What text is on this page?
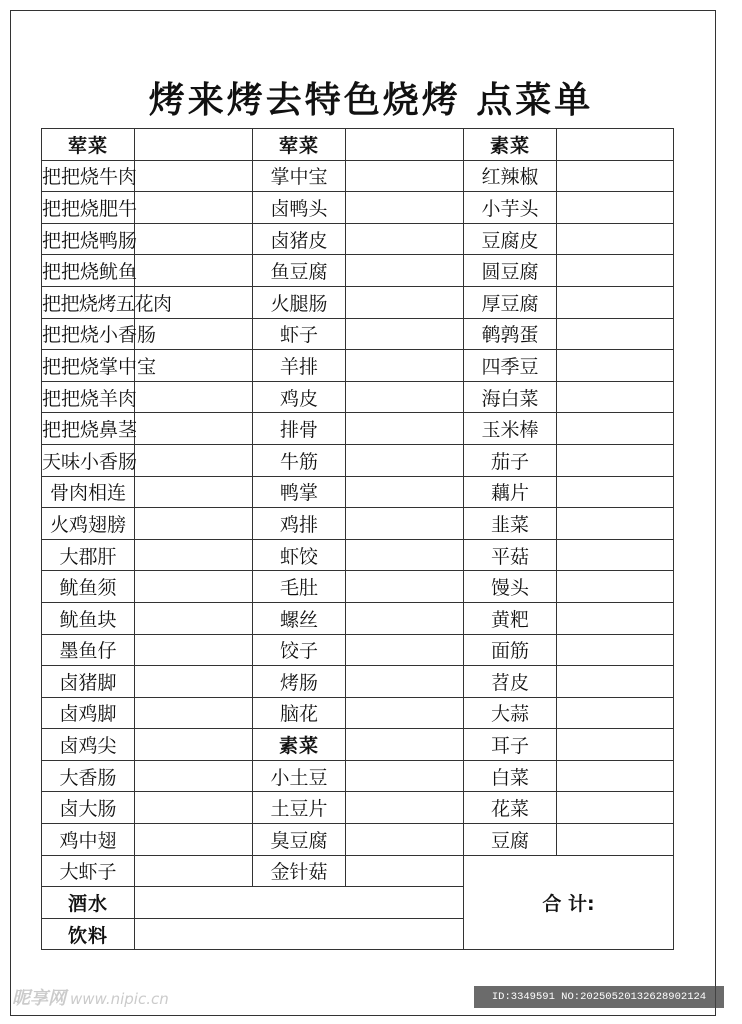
烤来烤去特色烧烤 点菜单
荤菜		荤菜		素菜	
把把烧牛肉		掌中宝		红辣椒	
把把烧肥牛		卤鸭头		小芋头	
把把烧鸭肠		卤猪皮		豆腐皮	
把把烧鱿鱼		鱼豆腐		圆豆腐	
把把烧烤五花肉		火腿肠		厚豆腐	
把把烧小香肠		虾子		鹌鹑蛋	
把把烧掌中宝		羊排		四季豆	
把把烧羊肉		鸡皮		海白菜	
把把烧鼻茎		排骨		玉米棒	
天味小香肠		牛筋		茄子	
骨肉相连		鸭掌		藕片	
火鸡翅膀		鸡排		韭菜	
大郡肝		虾饺		平菇	
鱿鱼须		毛肚		馒头	
鱿鱼块		螺丝		黄粑	
墨鱼仔		饺子		面筋	
卤猪脚		烤肠		苕皮	
卤鸡脚		脑花		大蒜	
卤鸡尖		素菜		耳子	
大香肠		小土豆		白菜	
卤大肠		土豆片		花菜	
鸡中翅		臭豆腐		豆腐	
大虾子		金针菇		合 计:	
酒水					
饮料					
昵享网 www.nipic.cn	ID:3349591 NO:20250520132628902124
